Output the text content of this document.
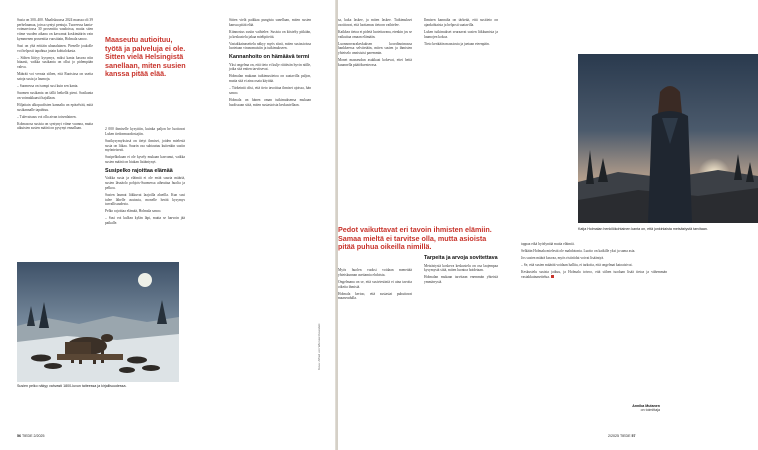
Susia on 300–400. Maaliskuussa 2024 maassa oli 39 perhelaumaa, joissa syntyi pentuja. Tuoreessa kanta-voimarviossa 30 prosenttia vaadoissa, mutta siten viime vuoden aikana on kasvanut koskimäärin vain kymmenen prosenttia vuosittain, Holmala sanoo.

Susi on yhä erittäin uhanalainen. Pienelle joukolle voi helposti tapahtua jotain kohtalokasta.

– Siihen liittyy kysymys, miksi kanta kasvaa niin hitaasti, vaikka susikanta on ollut jo pidempään vahva.

Määrää voi verrata siihen, että Ruotsissa on useita satoja susia ja laumoja.

– Suomessa on isompi susi kuin sen kanta.

Suomen susikanta on tällä hetkellä pieni. Susikanta on voimakkaasti hajallaan.

Hiljattain ulkopuolisten kannalta on epäselvää, mitä susikannalle tapahtuu.

– Tulevaisuus voi olla aivan toisenlainen.

Kolmasosa susista on syntynyt viime vuonna, mutta aikuisten susien määrä on pysynyt ennallaan.

Maaseutu autioituu, työtä ja palveluja ei ole. Sitten vielä Helsingistä sanellaan, miten susien kanssa pitää elää.

2 000 ihmiselle kysyttiin, kuinka paljon he luottavat Luken tiedonmuodostajiin.

Susikysymyksissä on tietyt ihmiset, joiden mielestä susia on liikaa. Suurin osa suhtautuu kuitenkin susiin myönteisesti.

Susipelkokaan ei ole kysely mukaan kasvanut, vaikka susien määrä on hiukan lisääntynyt.

Susipelko rajoittaa elämää

Vaikka susia ja eläimiä ei ole enää suuria määriä, susien läsnäolo pohjois-Suomessa aiheuttaa huolta ja pelkoa.

Susien laumat liikkuvat laajoilla alueilla. Kun susi tulee lähelle asutusta, monelle herää kysymys turvallisuudesta.

Pelko rajoittaa elämää, Holmala sanoo.

– Susi voi kulkea kylän läpi, mutta se harvoin jää paikalle.

Sitten vielä paikkaa pungista sanellaan, miten susien kanssa pitää elää.

Kiinnostus susiin vaihtelee. Susista on kiistelty pitkään, ja keskustelu jakaa mielipiteitä.

Vastakkainasettelu näkyy myös siinä, miten susiasioissa luotetaan viranomaisiin ja tutkimukseen.

Kannanhoito on hämäävä termi

Yksi ongelma on, että tieto ei kulje riittävän hyvin niille, jotka sitä eniten tarvitsevat.

Holmalan mukaan tutkimustietoa on saatavilla paljon, mutta sitä ei aina osata käyttää.

– Tärkeintä olisi, että tieto tavoittaa ihmiset ajoissa, hän sanoo.

Holmala on hänen oman tutkimuksensa mukaan huolissaan siitä, miten susiasioista keskustellaan.

Susien pelko näkyy vahvasti 1800-luvun taiteessa ja kirjallisuudessa.
Kuva: Alfred von Wierusz-Kowalski
56 TIEDE 2/2025

sa, kuka laskee, ja miten laskee. Tutkimukset osoittavat, että luottamus tietoon vaihtelee.

Kaikkea tietoa ei pidetä luotettavana, etenkin jos se vaikuttaa omaan elämään.

Luonnonvarakeskuksen koordinoimassa hankkeessa selvitetään, miten susien ja ihmisten yhteiselo onnistuisi paremmin.

Monet maaseudun asukkaat kokevat, ettei heitä kuunnella päätöksenteossa.

Ihmisen kannalta on tärkeää, että susitieto on ajankohtaista ja helposti saatavilla.

Luken tutkimukset seuraavat susien liikkumista ja laumojen kokoa.

Tieto kerätään maastosta ja jaetaan eteenpäin.

Katja Holmalan henkilökohtainen kanta on, että jonkinlaista metsästystä tarvitaan.
Pedot vaikuttavat eri tavoin ihmisten elämiin. Samaa mieltä ei tarvitse olla, mutta asioista pitää puhua oikeilla nimillä.

Myös huolen vuoksi voidaan menettää yhteiskunnan asettamia ehdoista.

Ongelmana on se, että susiviestintä ei aina tavoita oikeita ihmisiä.

Holmala kertoo, että susiasiat puhuttavat maaseudulla.

Tarpeita ja arvoja sovitettava

Metsästystä koskeva keskustelu on osa laajempaa kysymystä siitä, miten luontoa hoidetaan.

Holmalan mukaan tarvitaan enemmän yhteistä ymmärrystä.

tappaa eikä hyödyntää muita eläimiä.

Selkään Holmala mielestä ole mahdotonta. Luotto on kaikille yksi ja sama asia.

Jos susien määrä kasvaa, myös ristiriidat voivat lisääntyä.

– Se, että susien määrää voidaan hallita, ei tarkoita, että ongelmat katoaisivat.

Keskustelu susista jatkuu, ja Holmala toivoo, että siihen tuodaan lisää tietoa ja vähemmän vastakkainasettelua.

Annika Mutanen
on toimittaja
2/2025 TIEDE 57
